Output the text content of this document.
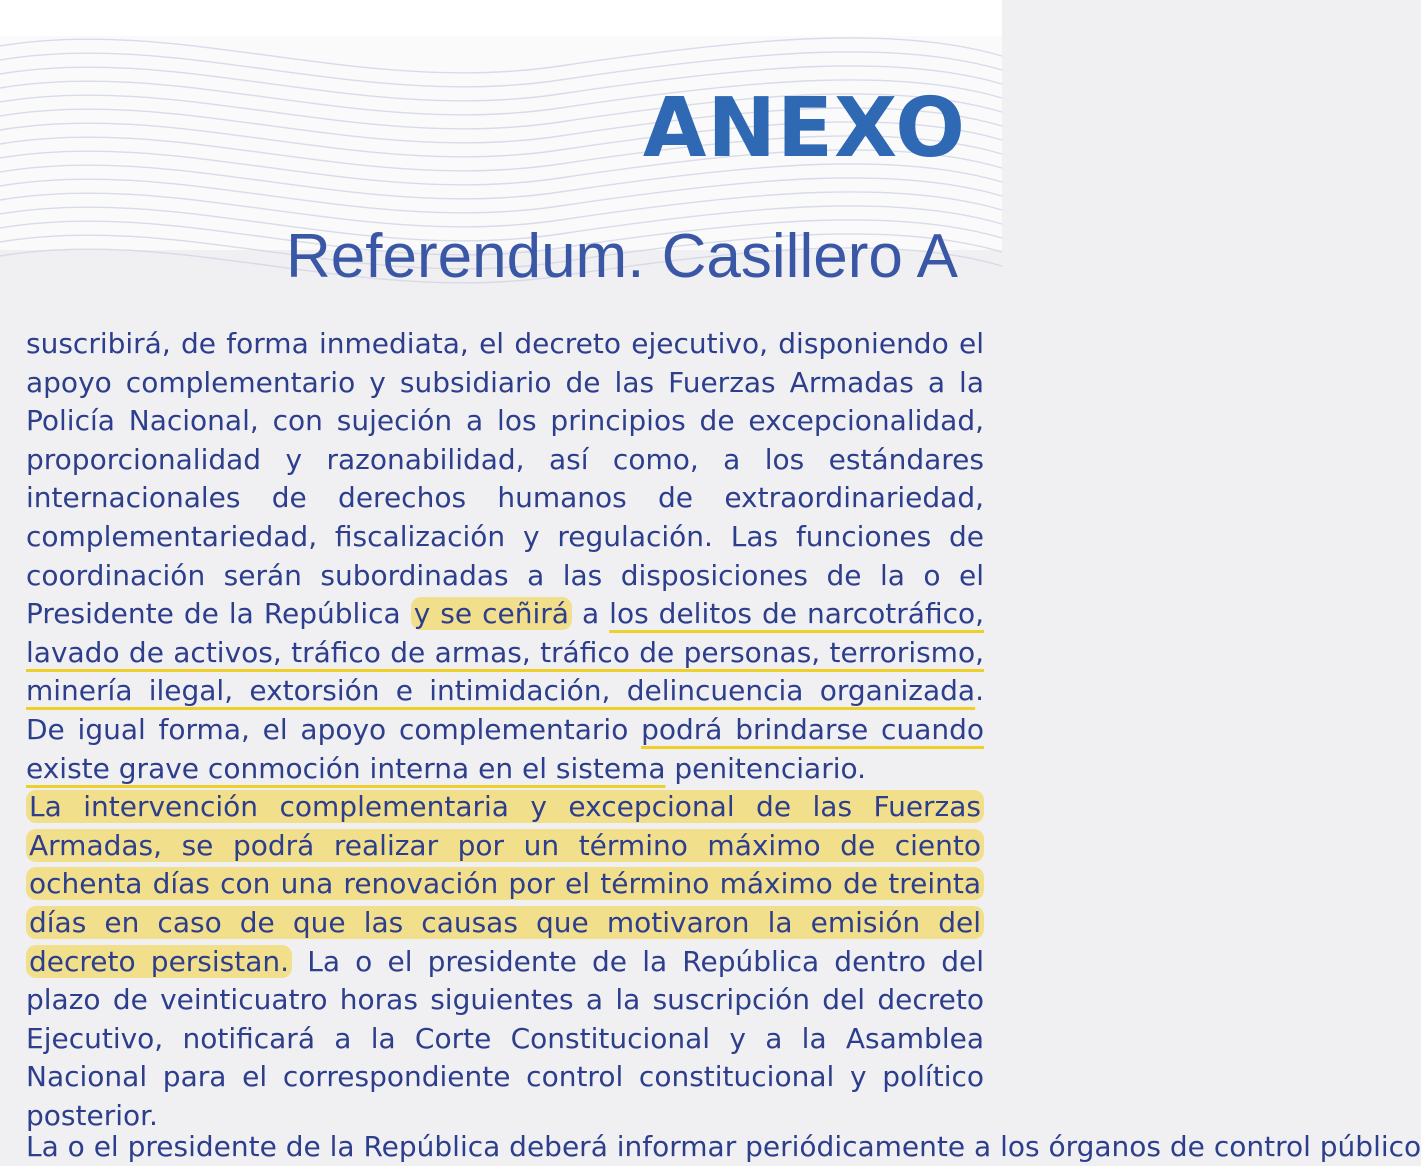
ANEXO
Referendum. Casillero A

suscribirá, de forma inmediata, el decreto ejecutivo, disponiendo el apoyo complementario y subsidiario de las Fuerzas Armadas a la Policía Nacional, con sujeción a los principios de excepcionalidad, proporcionalidad y razonabilidad, así como, a los estándares internacionales de derechos humanos de extraordinariedad, complementariedad, fiscalización y regulación. Las funciones de coordinación serán subordinadas a las disposiciones de la o el Presidente de la República y se ceñirá a los delitos de narcotráfico, lavado de activos, tráfico de armas, tráfico de personas, terrorismo, minería ilegal, extorsión e intimidación, delincuencia organizada. De igual forma, el apoyo complementario podrá brindarse cuando existe grave conmoción interna en el sistema penitenciario.

La intervención complementaria y excepcional de las Fuerzas Armadas, se podrá realizar por un término máximo de ciento ochenta días con una renovación por el término máximo de treinta días en caso de que las causas que motivaron la emisión del decreto persistan. La o el presidente de la República dentro del plazo de veinticuatro horas siguientes a la suscripción del decreto Ejecutivo, notificará a la Corte Constitucional y a la Asamblea Nacional para el correspondiente control constitucional y político posterior.

La o el presidente de la República deberá informar periódicamente a los órganos de control público
